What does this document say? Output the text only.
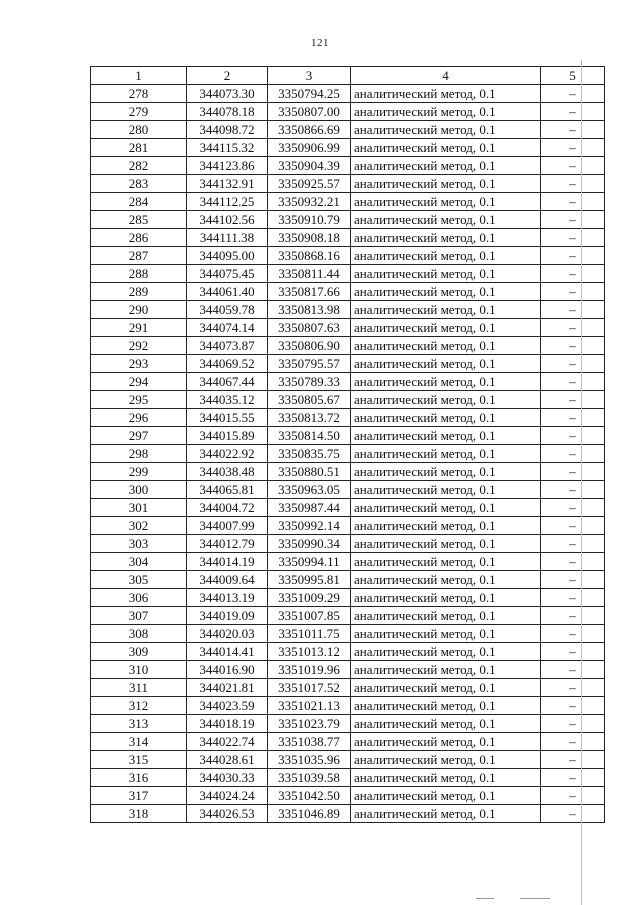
121
1	2	3	4	5
278	344073.30	3350794.25	аналитический метод, 0.1	–
279	344078.18	3350807.00	аналитический метод, 0.1	–
280	344098.72	3350866.69	аналитический метод, 0.1	–
281	344115.32	3350906.99	аналитический метод, 0.1	–
282	344123.86	3350904.39	аналитический метод, 0.1	–
283	344132.91	3350925.57	аналитический метод, 0.1	–
284	344112.25	3350932.21	аналитический метод, 0.1	–
285	344102.56	3350910.79	аналитический метод, 0.1	–
286	344111.38	3350908.18	аналитический метод, 0.1	–
287	344095.00	3350868.16	аналитический метод, 0.1	–
288	344075.45	3350811.44	аналитический метод, 0.1	–
289	344061.40	3350817.66	аналитический метод, 0.1	–
290	344059.78	3350813.98	аналитический метод, 0.1	–
291	344074.14	3350807.63	аналитический метод, 0.1	–
292	344073.87	3350806.90	аналитический метод, 0.1	–
293	344069.52	3350795.57	аналитический метод, 0.1	–
294	344067.44	3350789.33	аналитический метод, 0.1	–
295	344035.12	3350805.67	аналитический метод, 0.1	–
296	344015.55	3350813.72	аналитический метод, 0.1	–
297	344015.89	3350814.50	аналитический метод, 0.1	–
298	344022.92	3350835.75	аналитический метод, 0.1	–
299	344038.48	3350880.51	аналитический метод, 0.1	–
300	344065.81	3350963.05	аналитический метод, 0.1	–
301	344004.72	3350987.44	аналитический метод, 0.1	–
302	344007.99	3350992.14	аналитический метод, 0.1	–
303	344012.79	3350990.34	аналитический метод, 0.1	–
304	344014.19	3350994.11	аналитический метод, 0.1	–
305	344009.64	3350995.81	аналитический метод, 0.1	–
306	344013.19	3351009.29	аналитический метод, 0.1	–
307	344019.09	3351007.85	аналитический метод, 0.1	–
308	344020.03	3351011.75	аналитический метод, 0.1	–
309	344014.41	3351013.12	аналитический метод, 0.1	–
310	344016.90	3351019.96	аналитический метод, 0.1	–
311	344021.81	3351017.52	аналитический метод, 0.1	–
312	344023.59	3351021.13	аналитический метод, 0.1	–
313	344018.19	3351023.79	аналитический метод, 0.1	–
314	344022.74	3351038.77	аналитический метод, 0.1	–
315	344028.61	3351035.96	аналитический метод, 0.1	–
316	344030.33	3351039.58	аналитический метод, 0.1	–
317	344024.24	3351042.50	аналитический метод, 0.1	–
318	344026.53	3351046.89	аналитический метод, 0.1	–
